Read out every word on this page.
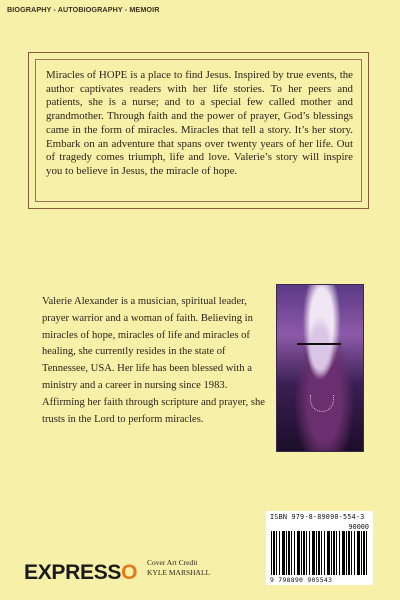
BIOGRAPHY - AUTOBIOGRAPHY - MEMOIR

Miracles of HOPE is a place to find Jesus. Inspired by true events, the author captivates readers with her life stories. To her peers and patients, she is a nurse; and to a special few called mother and grandmother. Through faith and the power of prayer, God’s blessings came in the form of miracles. Miracles that tell a story. It’s her story. Embark on an adventure that spans over twenty years of her life. Out of tragedy comes triumph, life and love. Valerie’s story will inspire you to believe in Jesus, the miracle of hope.

Valerie Alexander is a musician, spiritual leader, prayer warrior and a woman of faith. Believing in miracles of hope, miracles of life and miracles of healing, she currently resides in the state of Tennessee, USA. Her life has been blessed with a ministry and a career in nursing since 1983. Affirming her faith through scripture and prayer, she trusts in the Lord to perform miracles.

ISBN 979-8-89090-554-3
90000
9 798890 905543
EXPRESSO Cover Art Credit
KYLE MARSHALL
